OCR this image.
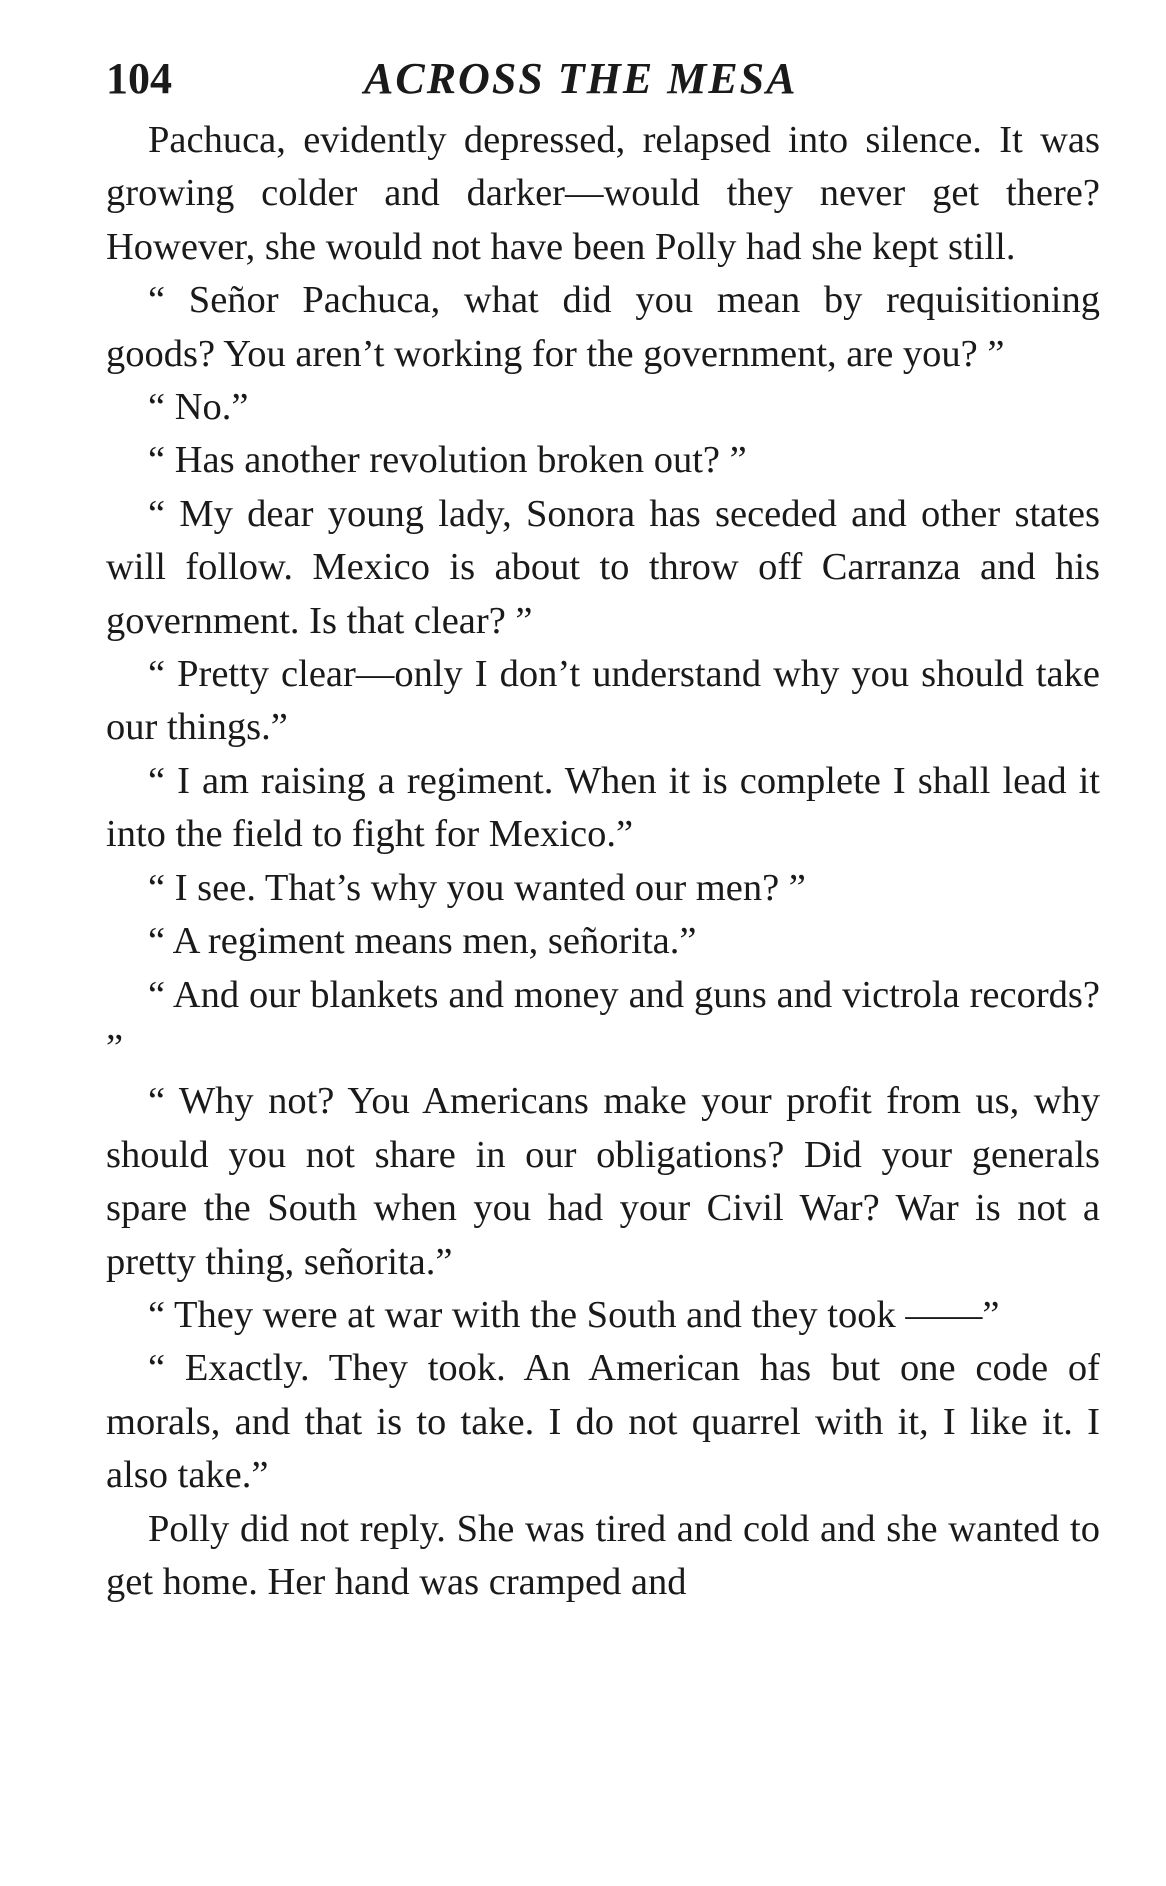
104	ACROSS THE MESA

Pachuca, evidently depressed, relapsed into silence. It was growing colder and darker—would they never get there? However, she would not have been Polly had she kept still.

“ Señor Pachuca, what did you mean by requisitioning goods? You aren’t working for the government, are you? ”

“ No.”

“ Has another revolution broken out? ”

“ My dear young lady, Sonora has seceded and other states will follow. Mexico is about to throw off Carranza and his government. Is that clear? ”

“ Pretty clear—only I don’t understand why you should take our things.”

“ I am raising a regiment. When it is complete I shall lead it into the field to fight for Mexico.”

“ I see. That’s why you wanted our men? ”

“ A regiment means men, señorita.”

“ And our blankets and money and guns and victrola records? ”

“ Why not? You Americans make your profit from us, why should you not share in our obligations? Did your generals spare the South when you had your Civil War? War is not a pretty thing, señorita.”

“ They were at war with the South and they took ——”

“ Exactly. They took. An American has but one code of morals, and that is to take. I do not quarrel with it, I like it. I also take.”

Polly did not reply. She was tired and cold and she wanted to get home. Her hand was cramped and
